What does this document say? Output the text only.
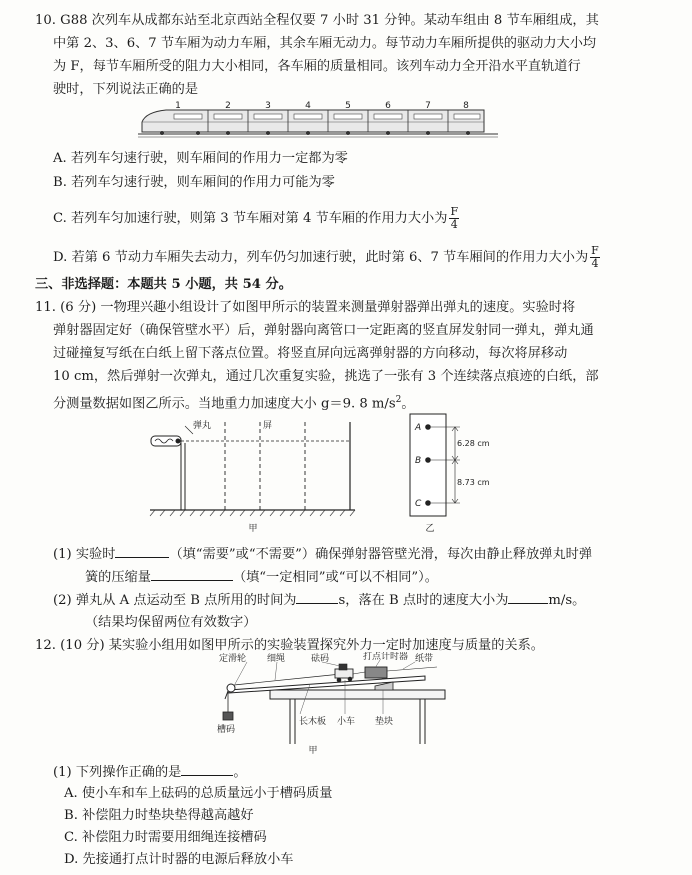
10. G88 次列车从成都东站至北京西站全程仅要 7 小时 31 分钟。某动车组由 8 节车厢组成，其
中第 2、3、6、7 节车厢为动力车厢，其余车厢无动力。每节动力车厢所提供的驱动力大小均
为 F，每节车厢所受的阻力大小相同，各车厢的质量相同。该列车动力全开沿水平直轨道行
驶时，下列说法正确的是
1	2	3	4	5	6	7	8
A. 若列车匀速行驶，则车厢间的作用力一定都为零
B. 若列车匀速行驶，则车厢间的作用力可能为零
C. 若列车匀加速行驶，则第 3 节车厢对第 4 节车厢的作用力大小为 $\frac{F}{4}$
D. 若第 6 节动力车厢失去动力，列车仍匀加速行驶，此时第 6、7 节车厢间的作用力大小为 $\frac{F}{4}$
三、非选择题：本题共 5 小题，共 54 分。
11. (6 分) 一物理兴趣小组设计了如图甲所示的装置来测量弹射器弹出弹丸的速度。实验时将
弹射器固定好（确保管壁水平）后，弹射器向离管口一定距离的竖直屏发射同一弹丸，弹丸通
过碰撞复写纸在白纸上留下落点位置。将竖直屏向远离弹射器的方向移动，每次将屏移动
10 cm，然后弹射一次弹丸，通过几次重复实验，挑选了一张有 3 个连续落点痕迹的白纸，部
分测量数据如图乙所示。当地重力加速度大小 g＝9. 8 $m/s^2$。
弹丸	屏
甲
A
B
C
6.28 cm
8.73 cm
乙
(1) 实验时	（填“需要”或“不需要”）确保弹射器管壁光滑，每次由静止释放弹丸时弹
簧的压缩量	（填“一定相同”或“可以不相同”）。
(2) 弹丸从 A 点运动至 B 点所用的时间为	s，落在 B 点时的速度大小为	m/s。
（结果均保留两位有效数字）
12. (10 分) 某实验小组用如图甲所示的实验装置探究外力一定时加速度与质量的关系。
定滑轮 细绳	砝码	打点计时器 纸带
槽码
长木板 小车 垫块
甲
(1) 下列操作正确的是	。
A. 使小车和车上砝码的总质量远小于槽码质量
B. 补偿阻力时垫块垫得越高越好
C. 补偿阻力时需要用细绳连接槽码
D. 先接通打点计时器的电源后释放小车
